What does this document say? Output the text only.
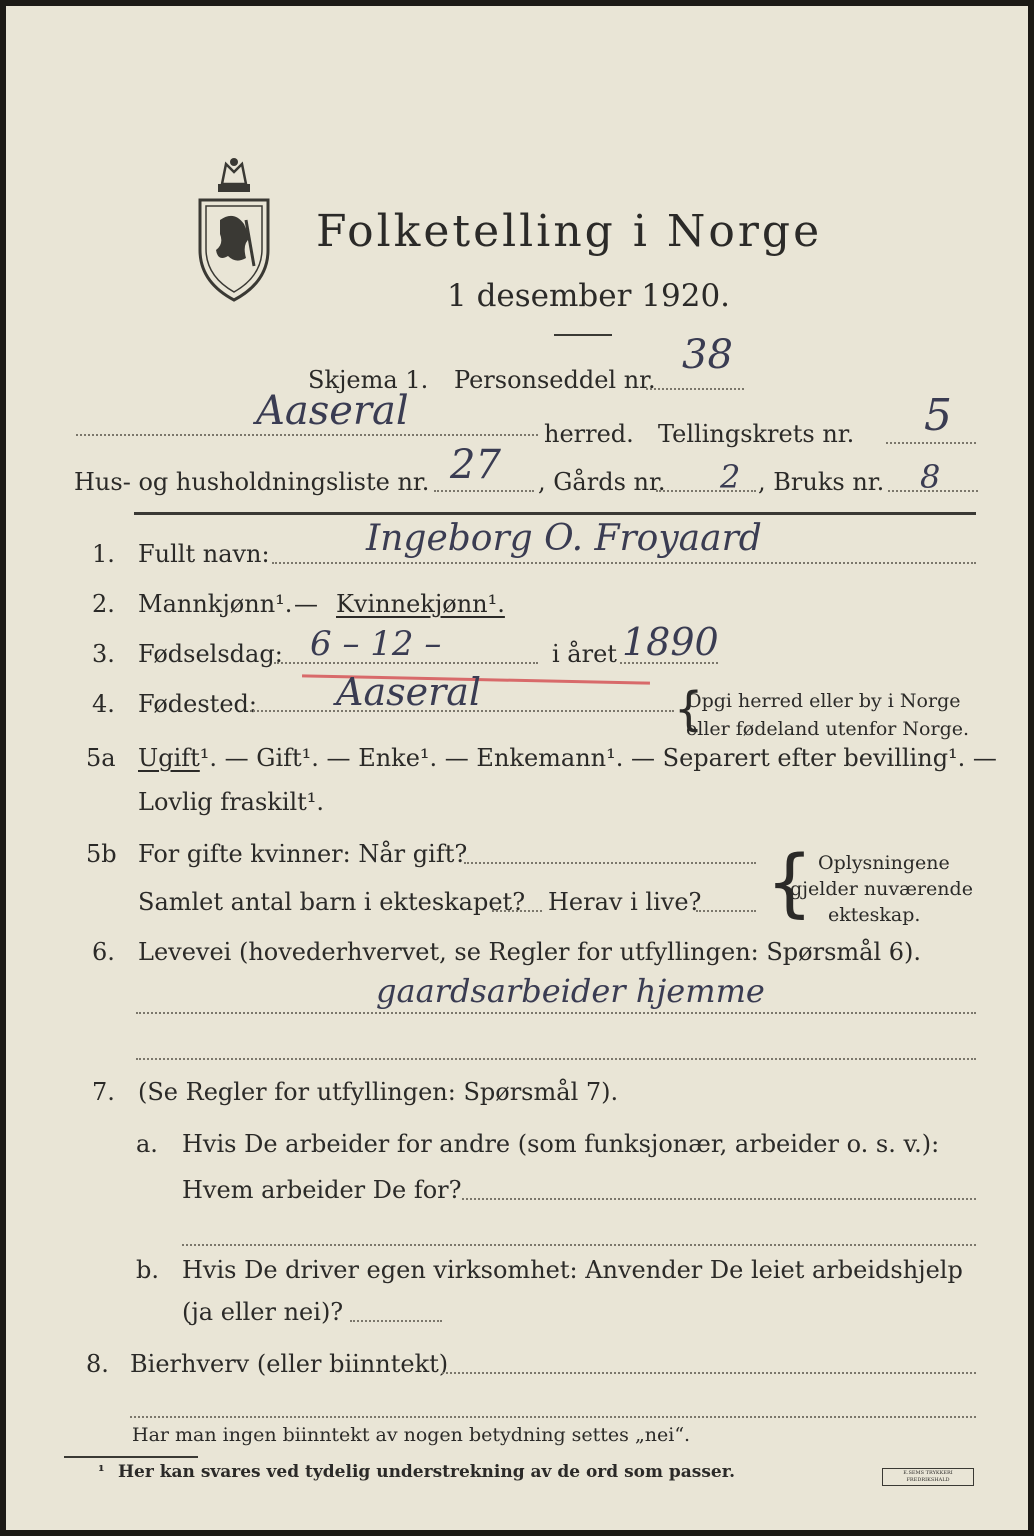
Folketelling i Norge
1 desember 1920.
Skjema 1. Personseddel nr.
38
Aaseral	herred. Tellingskrets nr. 5
Hus- og husholdningsliste nr. 27 , Gårds nr. 2 , Bruks nr. 8
1. Fullt navn:	Ingeborg O. Froyaard
2. Mannkjønn¹. — Kvinnekjønn¹.
3. Fødselsdag: 6 – 12 –	i året 1890
4. Fødested: Aaseral	{
Opgi herred eller by i Norge
eller fødeland utenfor Norge.
5a Ugift¹. — Gift¹. — Enke¹. — Enkemann¹. — Separert efter bevilling¹. —
Lovlig fraskilt¹.
5b For gifte kvinner: Når gift?
Samlet antal barn i ekteskapet? Herav i live? { Oplysningene
gjelder nuværende
ekteskap.
6. Levevei (hovederhvervet, se Regler for utfyllingen: Spørsmål 6).
gaardsarbeider hjemme
7. (Se Regler for utfyllingen: Spørsmål 7).
a. Hvis De arbeider for andre (som funksjonær, arbeider o. s. v.):
Hvem arbeider De for?
b. Hvis De driver egen virksomhet: Anvender De leiet arbeidshjelp
(ja eller nei)?
8. Bierhverv (eller biinntekt)
Har man ingen biinntekt av nogen betydning settes „nei“.
¹ Her kan svares ved tydelig understrekning av de ord som passer.	E.SEMS TRYKKERI FREDRIKSHALD
